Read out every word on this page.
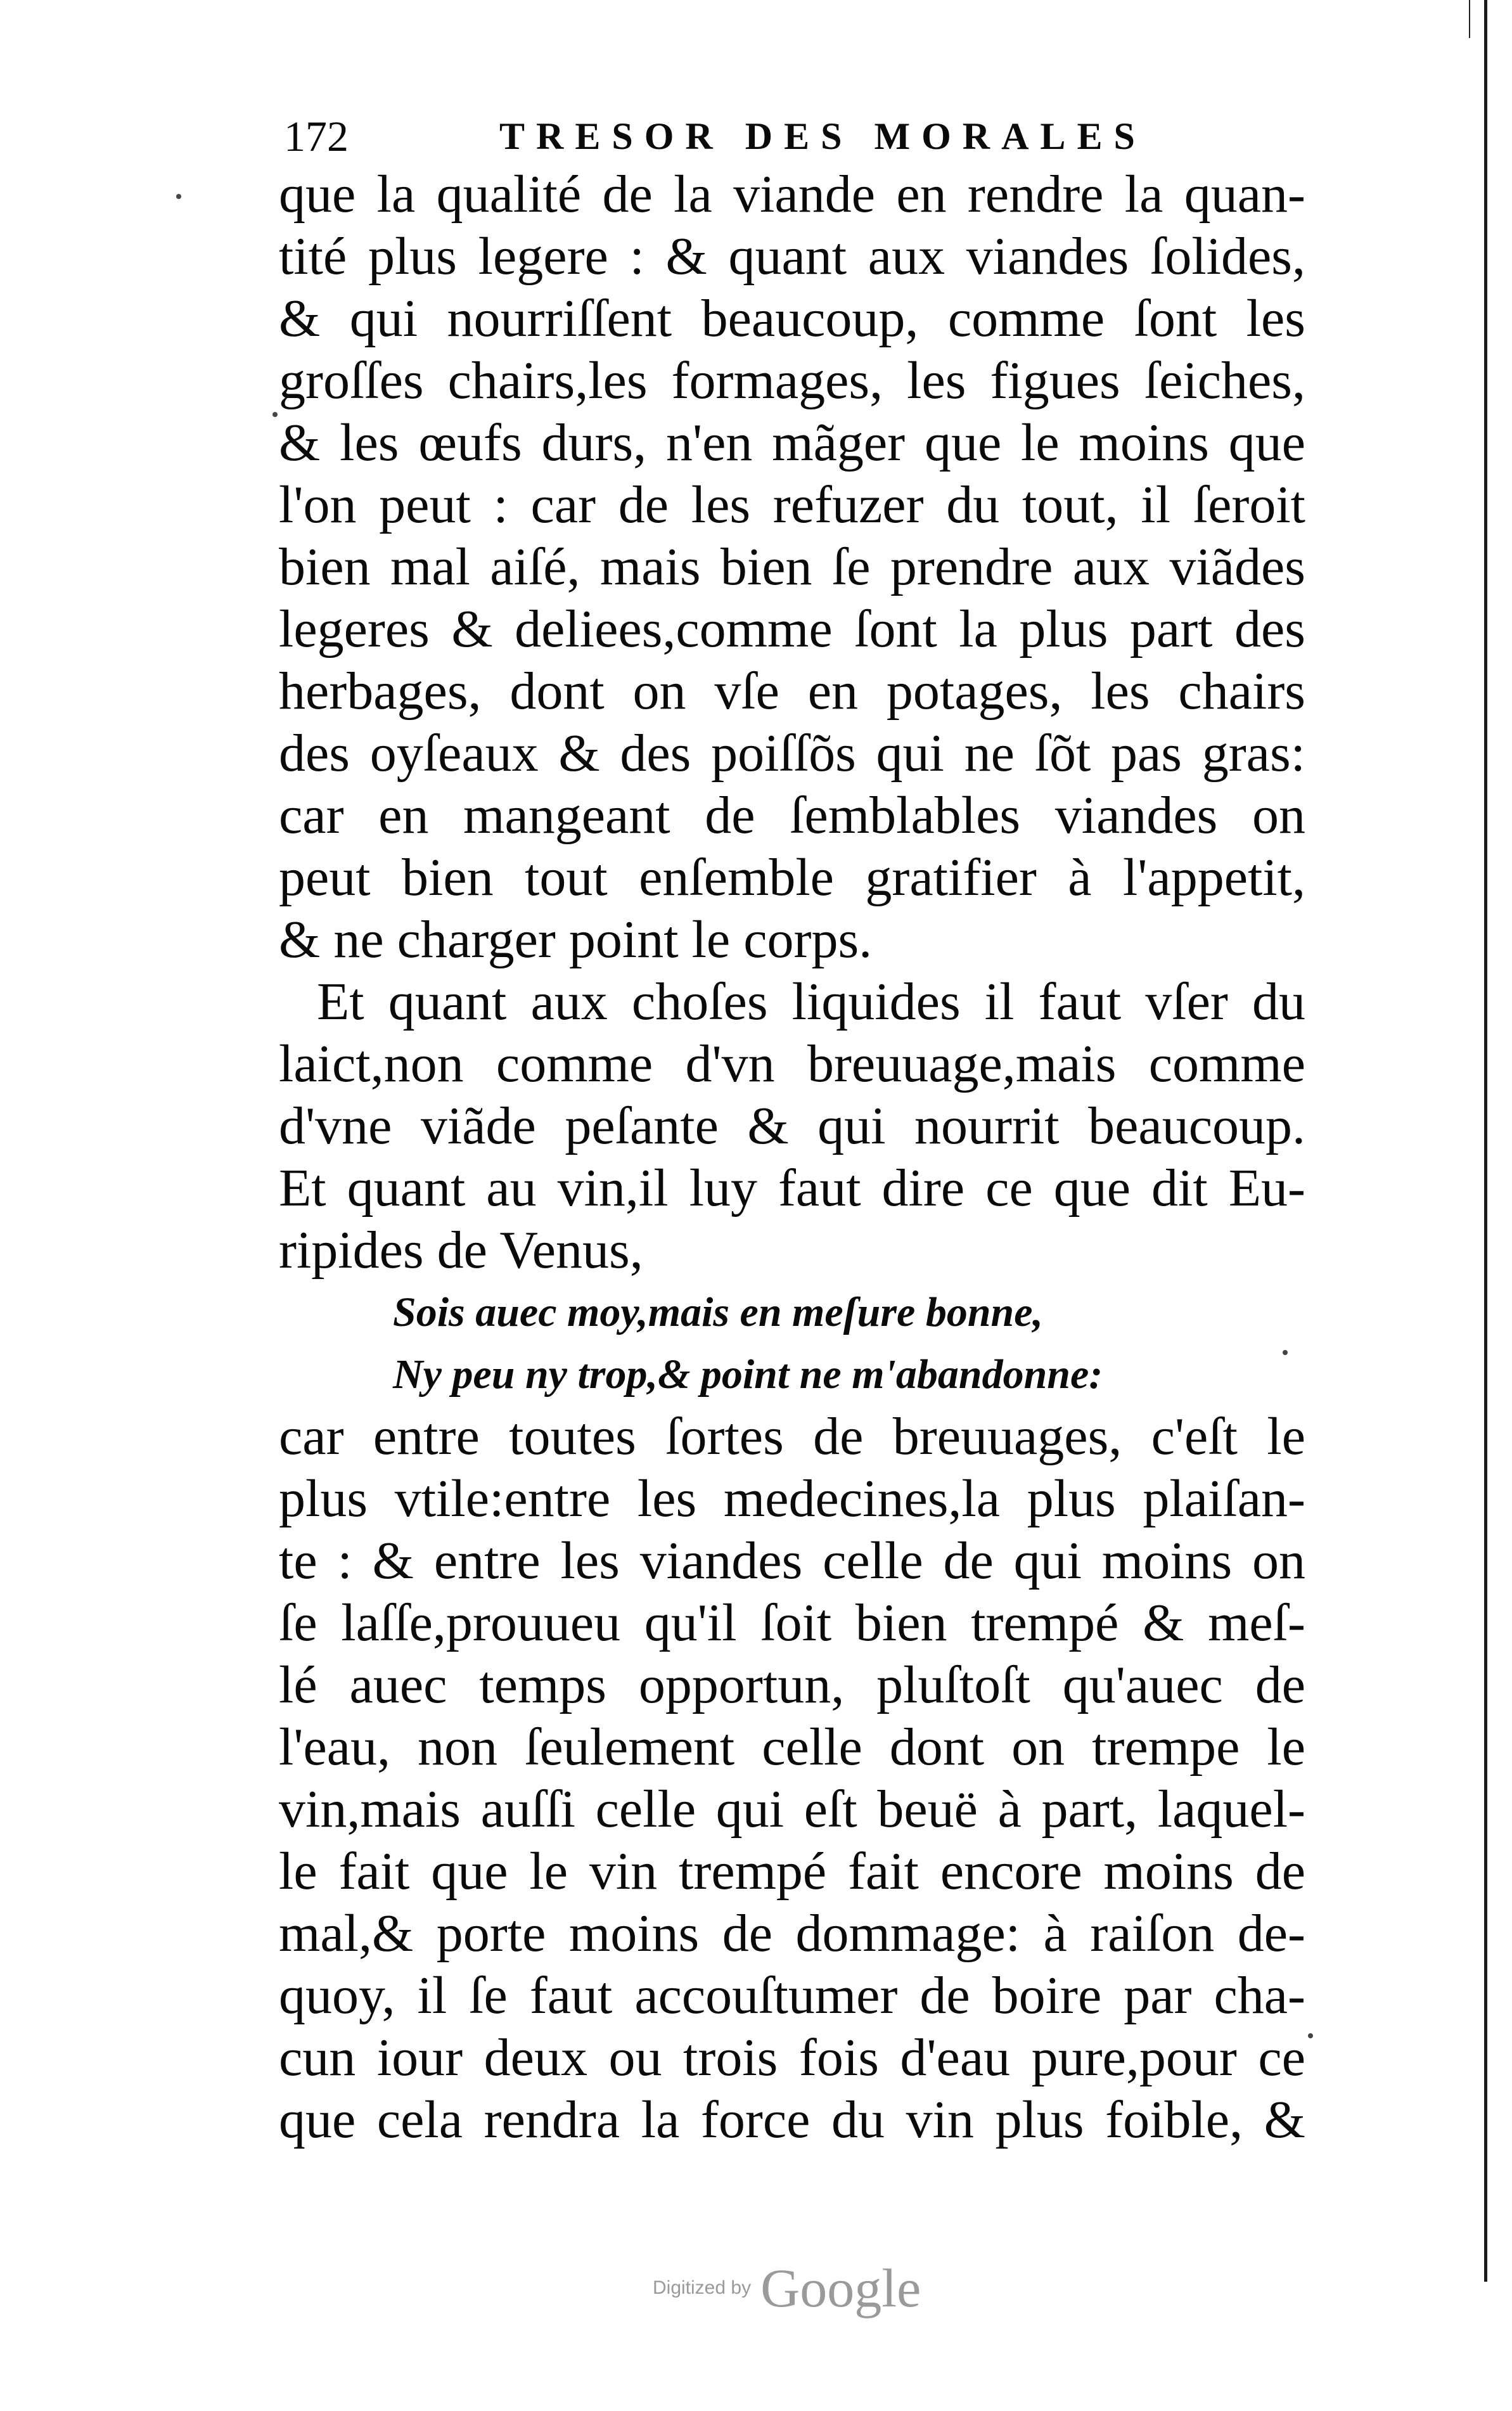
172	TRESOR DES MORALES
que la qualité de la viande en rendre la quan-
tité plus legere : & quant aux viandes ſolides,
& qui nourriſſent beaucoup, comme ſont les
groſſes chairs,les formages, les figues ſeiches,
& les œufs durs, n'en mãger que le moins que
l'on peut : car de les refuzer du tout, il ſeroit
bien mal aiſé, mais bien ſe prendre aux viãdes
legeres & deliees,comme ſont la plus part des
herbages, dont on vſe en potages, les chairs
des oyſeaux & des poiſſõs qui ne ſõt pas gras:
car en mangeant de ſemblables viandes on
peut bien tout enſemble gratifier à l'appetit,
& ne charger point le corps.
Et quant aux choſes liquides il faut vſer du
laict,non comme d'vn breuuage,mais comme
d'vne viãde peſante & qui nourrit beaucoup.
Et quant au vin,il luy faut dire ce que dit Eu-
ripides de Venus,
Sois auec moy,mais en meſure bonne,
Ny peu ny trop,& point ne m'abandonne:
car entre toutes ſortes de breuuages, c'eſt le
plus vtile:entre les medecines,la plus plaiſan-
te : & entre les viandes celle de qui moins on
ſe laſſe,prouueu qu'il ſoit bien trempé & meſ-
lé auec temps opportun, pluſtoſt qu'auec de
l'eau, non ſeulement celle dont on trempe le
vin,mais auſſi celle qui eſt beuë à part, laquel-
le fait que le vin trempé fait encore moins de
mal,& porte moins de dommage: à raiſon de-
quoy, il ſe faut accouſtumer de boire par cha-
cun iour deux ou trois fois d'eau pure,pour ce
que cela rendra la force du vin plus foible, &
Digitized by Google
